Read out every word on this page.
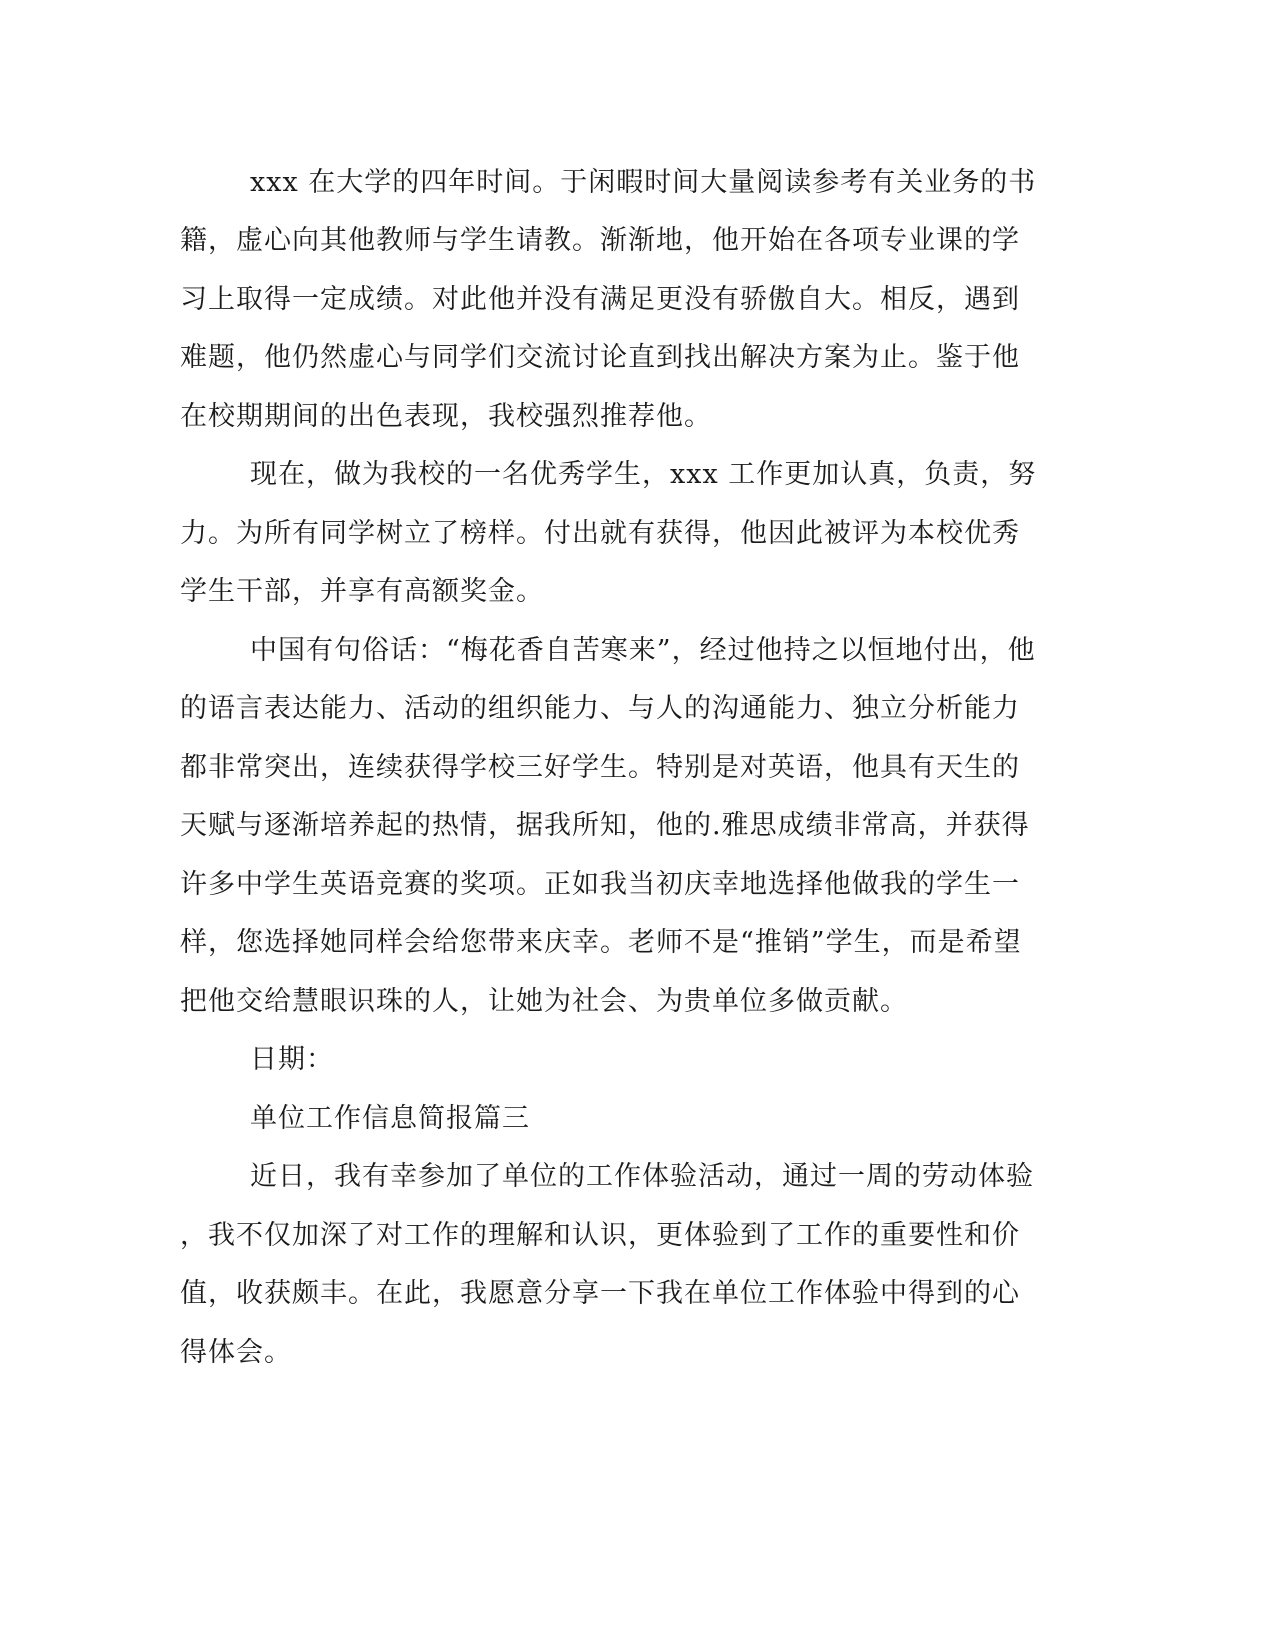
xxx 在大学的四年时间。于闲暇时间大量阅读参考有关业务的书
籍，虚心向其他教师与学生请教。渐渐地，他开始在各项专业课的学
习上取得一定成绩。对此他并没有满足更没有骄傲自大。相反，遇到
难题，他仍然虚心与同学们交流讨论直到找出解决方案为止。鉴于他
在校期期间的出色表现，我校强烈推荐他。
现在，做为我校的一名优秀学生，xxx 工作更加认真，负责，努
力。为所有同学树立了榜样。付出就有获得，他因此被评为本校优秀
学生干部，并享有高额奖金。
中国有句俗话：“梅花香自苦寒来”，经过他持之以恒地付出，他
的语言表达能力、活动的组织能力、与人的沟通能力、独立分析能力
都非常突出，连续获得学校三好学生。特别是对英语，他具有天生的
天赋与逐渐培养起的热情，据我所知，他的.雅思成绩非常高，并获得
许多中学生英语竞赛的奖项。正如我当初庆幸地选择他做我的学生一
样，您选择她同样会给您带来庆幸。老师不是“推销”学生，而是希望
把他交给慧眼识珠的人，让她为社会、为贵单位多做贡献。
日期：
单位工作信息简报篇三
近日，我有幸参加了单位的工作体验活动，通过一周的劳动体验
，我不仅加深了对工作的理解和认识，更体验到了工作的重要性和价
值，收获颇丰。在此，我愿意分享一下我在单位工作体验中得到的心
得体会。
